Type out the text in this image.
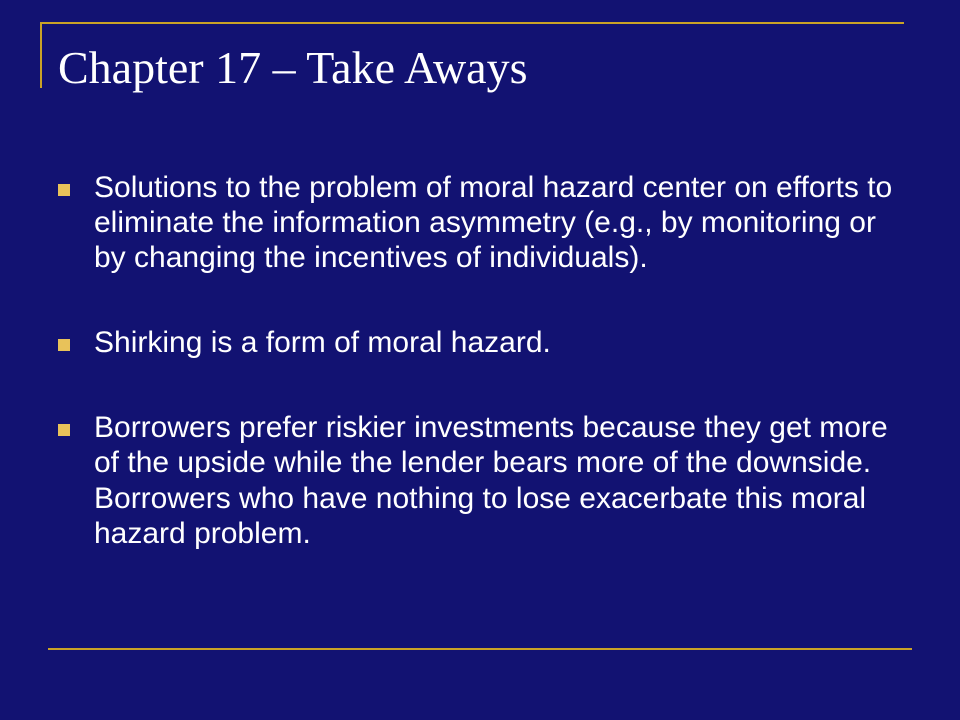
Chapter 17 – Take Aways
Solutions to the problem of moral hazard center on efforts to eliminate the information asymmetry (e.g., by monitoring or by changing the incentives of individuals).
Shirking is a form of moral hazard.
Borrowers prefer riskier investments because they get more of the upside while the lender bears more of the downside. Borrowers who have nothing to lose exacerbate this moral hazard problem.
